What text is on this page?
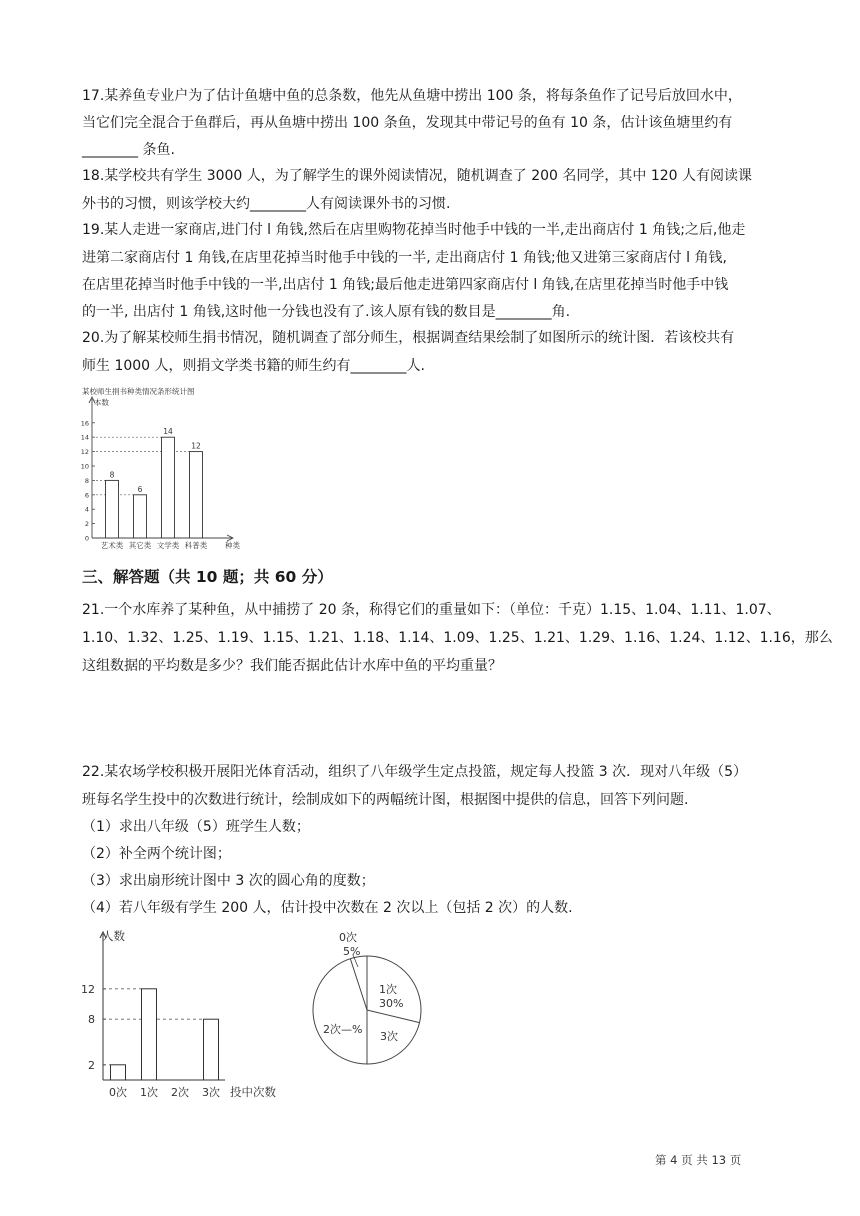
17.某养鱼专业户为了估计鱼塘中鱼的总条数，他先从鱼塘中捞出 100 条，将每条鱼作了记号后放回水中，
当它们完全混合于鱼群后，再从鱼塘中捞出 100 条鱼，发现其中带记号的鱼有 10 条，估计该鱼塘里约有
________ 条鱼.
18.某学校共有学生 3000 人，为了解学生的课外阅读情况，随机调查了 200 名同学，其中 120 人有阅读课
外书的习惯，则该学校大约________人有阅读课外书的习惯.
19.某人走进一家商店,进门付 l 角钱,然后在店里购物花掉当时他手中钱的一半,走出商店付 1 角钱;之后,他走
进第二家商店付 1 角钱,在店里花掉当时他手中钱的一半, 走出商店付 1 角钱;他又进第三家商店付 l 角钱,
在店里花掉当时他手中钱的一半,出店付 1 角钱;最后他走进第四家商店付 l 角钱,在店里花掉当时他手中钱
的一半, 出店付 1 角钱,这时他一分钱也没有了.该人原有钱的数目是________角.
20.为了解某校师生捐书情况，随机调查了部分师生，根据调查结果绘制了如图所示的统计图．若该校共有
师生 1000 人，则捐文学类书籍的师生约有________人.
某校师生捐书种类情况条形统计图
本数
0
2
4
6
8
10
12
14
16
8
6
14
12
艺术类 其它类 文学类 科普类 种类
三、解答题（共 10 题；共 60 分）
21.一个水库养了某种鱼，从中捕捞了 20 条，称得它们的重量如下：（单位：千克）1.15、1.04、1.11、1.07、
1.10、1.32、1.25、1.19、1.15、1.21、1.18、1.14、1.09、1.25、1.21、1.29、1.16、1.24、1.12、1.16，那么
这组数据的平均数是多少？我们能否据此估计水库中鱼的平均重量？
22.某农场学校积极开展阳光体育活动，组织了八年级学生定点投篮，规定每人投篮 3 次．现对八年级（5）
班每名学生投中的次数进行统计，绘制成如下的两幅统计图，根据图中提供的信息，回答下列问题.
（1）求出八年级（5）班学生人数；
（2）补全两个统计图；
（3）求出扇形统计图中 3 次的圆心角的度数；
（4）若八年级有学生 200 人，估计投中次数在 2 次以上（包括 2 次）的人数.
人数
12
8
2
0次 1次 2次 3次 投中次数
0次
5%
1次
30%
2次—%
3次
第 4 页 共 13 页
